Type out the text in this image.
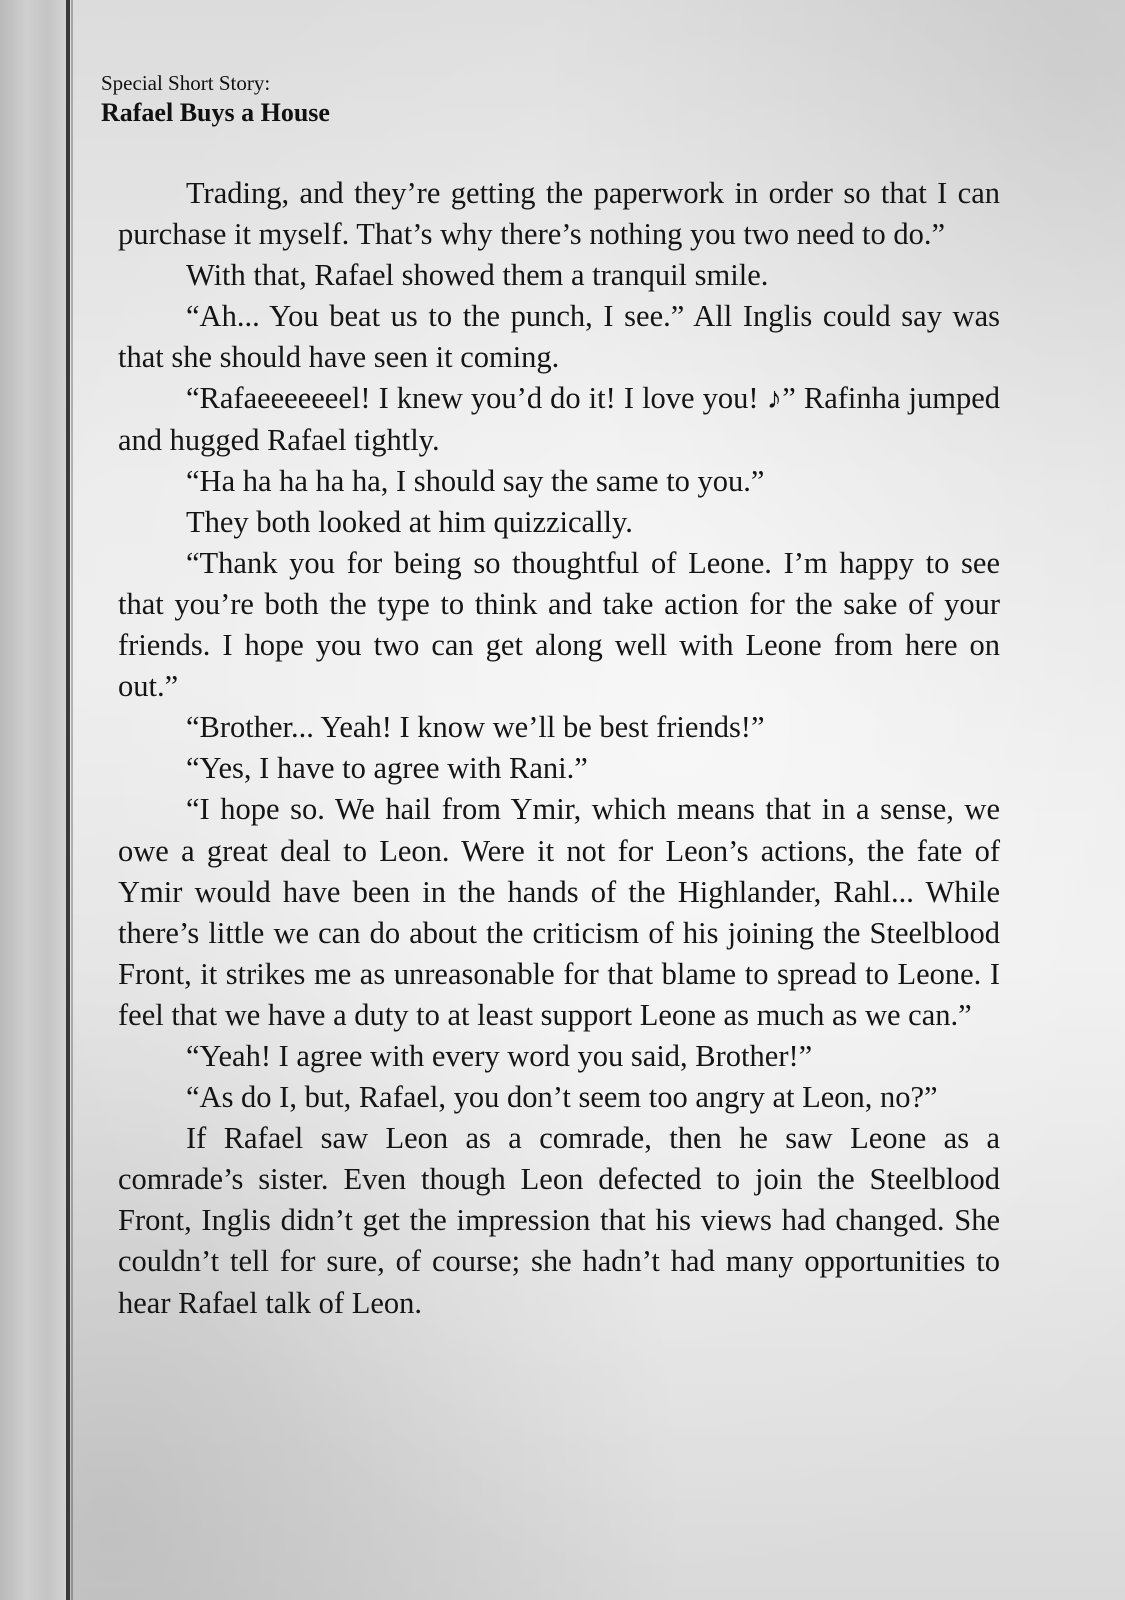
Special Short Story:
Rafael Buys a House

Trading, and they’re getting the paperwork in order so that I can purchase it myself. That’s why there’s nothing you two need to do.”

With that, Rafael showed them a tranquil smile.

“Ah... You beat us to the punch, I see.” All Inglis could say was that she should have seen it coming.

“Rafaeeeeeeel! I knew you’d do it! I love you! ♪” Rafinha jumped and hugged Rafael tightly.

“Ha ha ha ha ha, I should say the same to you.”

They both looked at him quizzically.

“Thank you for being so thoughtful of Leone. I’m happy to see that you’re both the type to think and take action for the sake of your friends. I hope you two can get along well with Leone from here on out.”

“Brother... Yeah! I know we’ll be best friends!”

“Yes, I have to agree with Rani.”

“I hope so. We hail from Ymir, which means that in a sense, we owe a great deal to Leon. Were it not for Leon’s actions, the fate of Ymir would have been in the hands of the Highlander, Rahl... While there’s little we can do about the criticism of his joining the Steelblood Front, it strikes me as unreasonable for that blame to spread to Leone. I feel that we have a duty to at least support Leone as much as we can.”

“Yeah! I agree with every word you said, Brother!”

“As do I, but, Rafael, you don’t seem too angry at Leon, no?”

If Rafael saw Leon as a comrade, then he saw Leone as a comrade’s sister. Even though Leon defected to join the Steelblood Front, Inglis didn’t get the impression that his views had changed. She couldn’t tell for sure, of course; she hadn’t had many opportunities to hear Rafael talk of Leon.
